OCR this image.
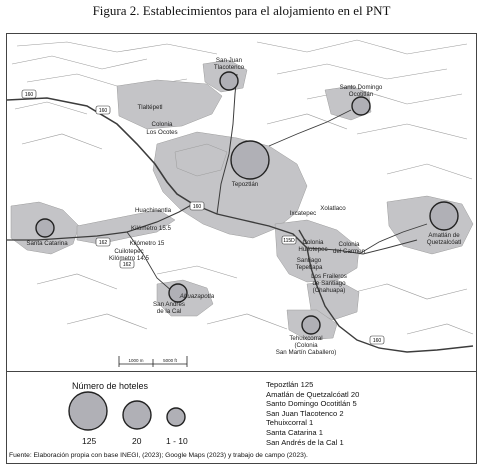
Figura 2. Establecimientos para el alojamiento en el PNT
160
160
160
162
162
115D
160
Tlaltépetl
Colonia
Los Ocotes
Huachinantla
Kilómetro 15.5
Kilómetro 15
Cuilotepec
Kilómetro 14.5
Ixcatepec
Xolatlaco
Colonia
Huilotepec
Colonia
del Carmen
Santiago
Tepetlapa
Los Fraileros
de Santiago
(Chahuapa)
San Andrés
de la Cal
Tehuixcorral
(Colonia
San Martín Caballero)
Santa Catarina
San Juan
Tlacotenco
Santo Domingo
Ocotitlán
Tepoztlán
Amatlán de
Quetzalcóatl
Ahuazapotla
1000 m	5000 ft
Número de hoteles
125	20	1 - 10
Tepoztlán 125
Amatlán de Quetzalcóatl 20
Santo Domingo Ocotitlán 5
San Juan Tlacotenco 2
Tehuixcorral 1
Santa Catarina 1
San Andrés de la Cal 1
Fuente: Elaboración propia con base INEGI, (2023); Google Maps (2023) y trabajo de campo (2023).
